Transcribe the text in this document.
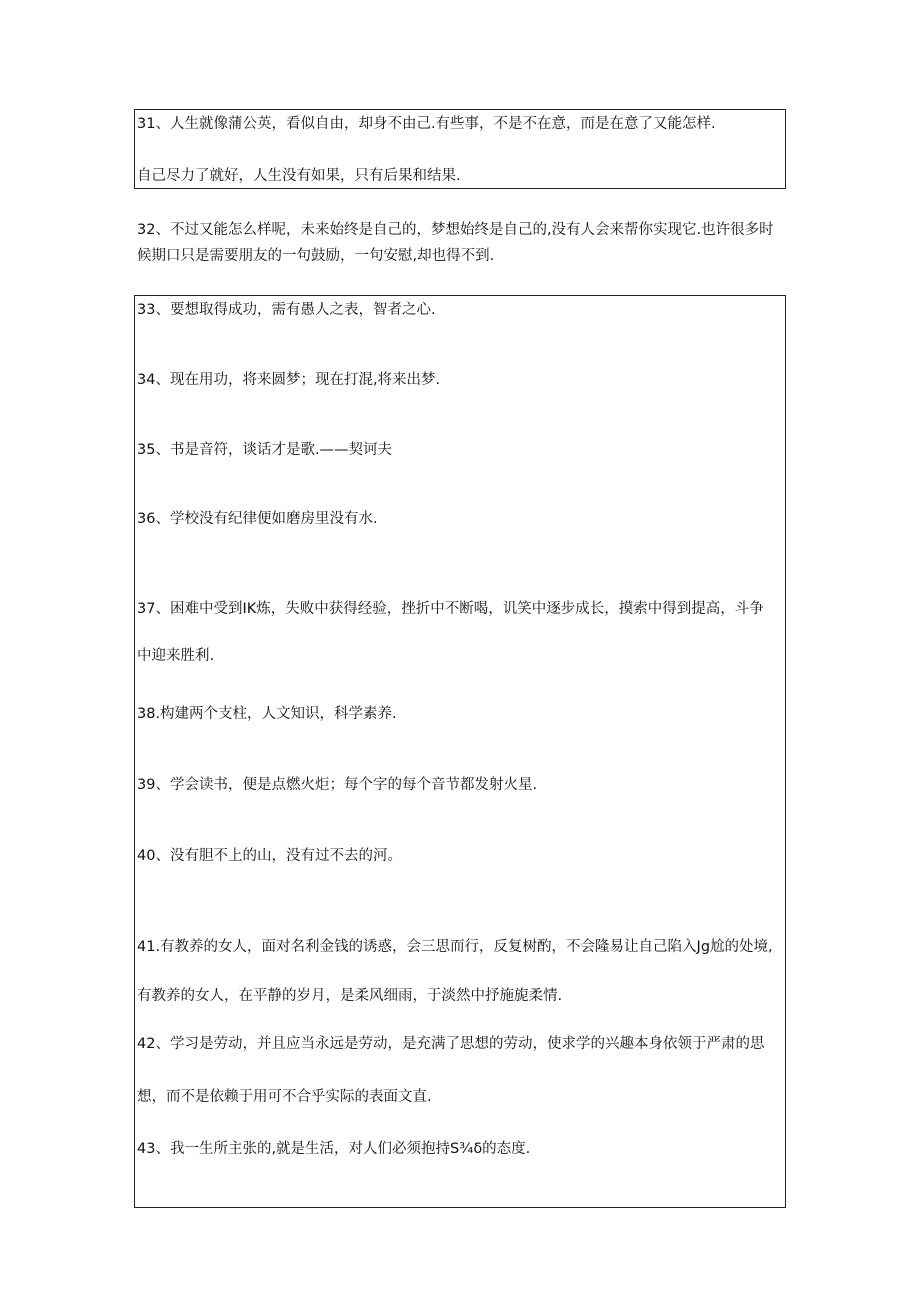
31、人生就像蒲公英，看似自由，却身不由己.有些事，不是不在意，而是在意了又能怎样.
自己尽力了就好，人生没有如果，只有后果和结果.
32、不过又能怎么样呢，未来始终是自己的，梦想始终是自己的,没有人会来帮你实现它.也许很多时
候期口只是需要朋友的一句鼓励，一句安慰,却也得不到.
33、要想取得成功，需有愚人之表，智者之心.
34、现在用功，将来圆梦；现在打混,将来出梦.
35、书是音符，谈话才是歌.——契诃夫
36、学校没有纪律便如磨房里没有水.
37、困难中受到IK炼，失败中获得经验，挫折中不断喝，讥笑中逐步成长，摸索中得到提高，斗争
中迎来胜利.
38.构建两个支柱，人文知识，科学素养.
39、学会读书，便是点燃火炬；每个字的每个音节都发射火星.
40、没有胆不上的山，没有过不去的河。
41.有教养的女人，面对名利金钱的诱惑，会三思而行，反复树酌，不会隆易让自己陷入Jg尬的处境,
有教养的女人，在平静的岁月，是柔风细雨，于淡然中抒施旎柔情.
42、学习是劳动，并且应当永远是劳动，是充满了思想的劳动，使求学的兴趣本身依领于严肃的思
想，而不是依赖于用可不合乎实际的表面文直.
43、我一生所主张的,就是生活，对人们必须抱持S¾δ的态度.
